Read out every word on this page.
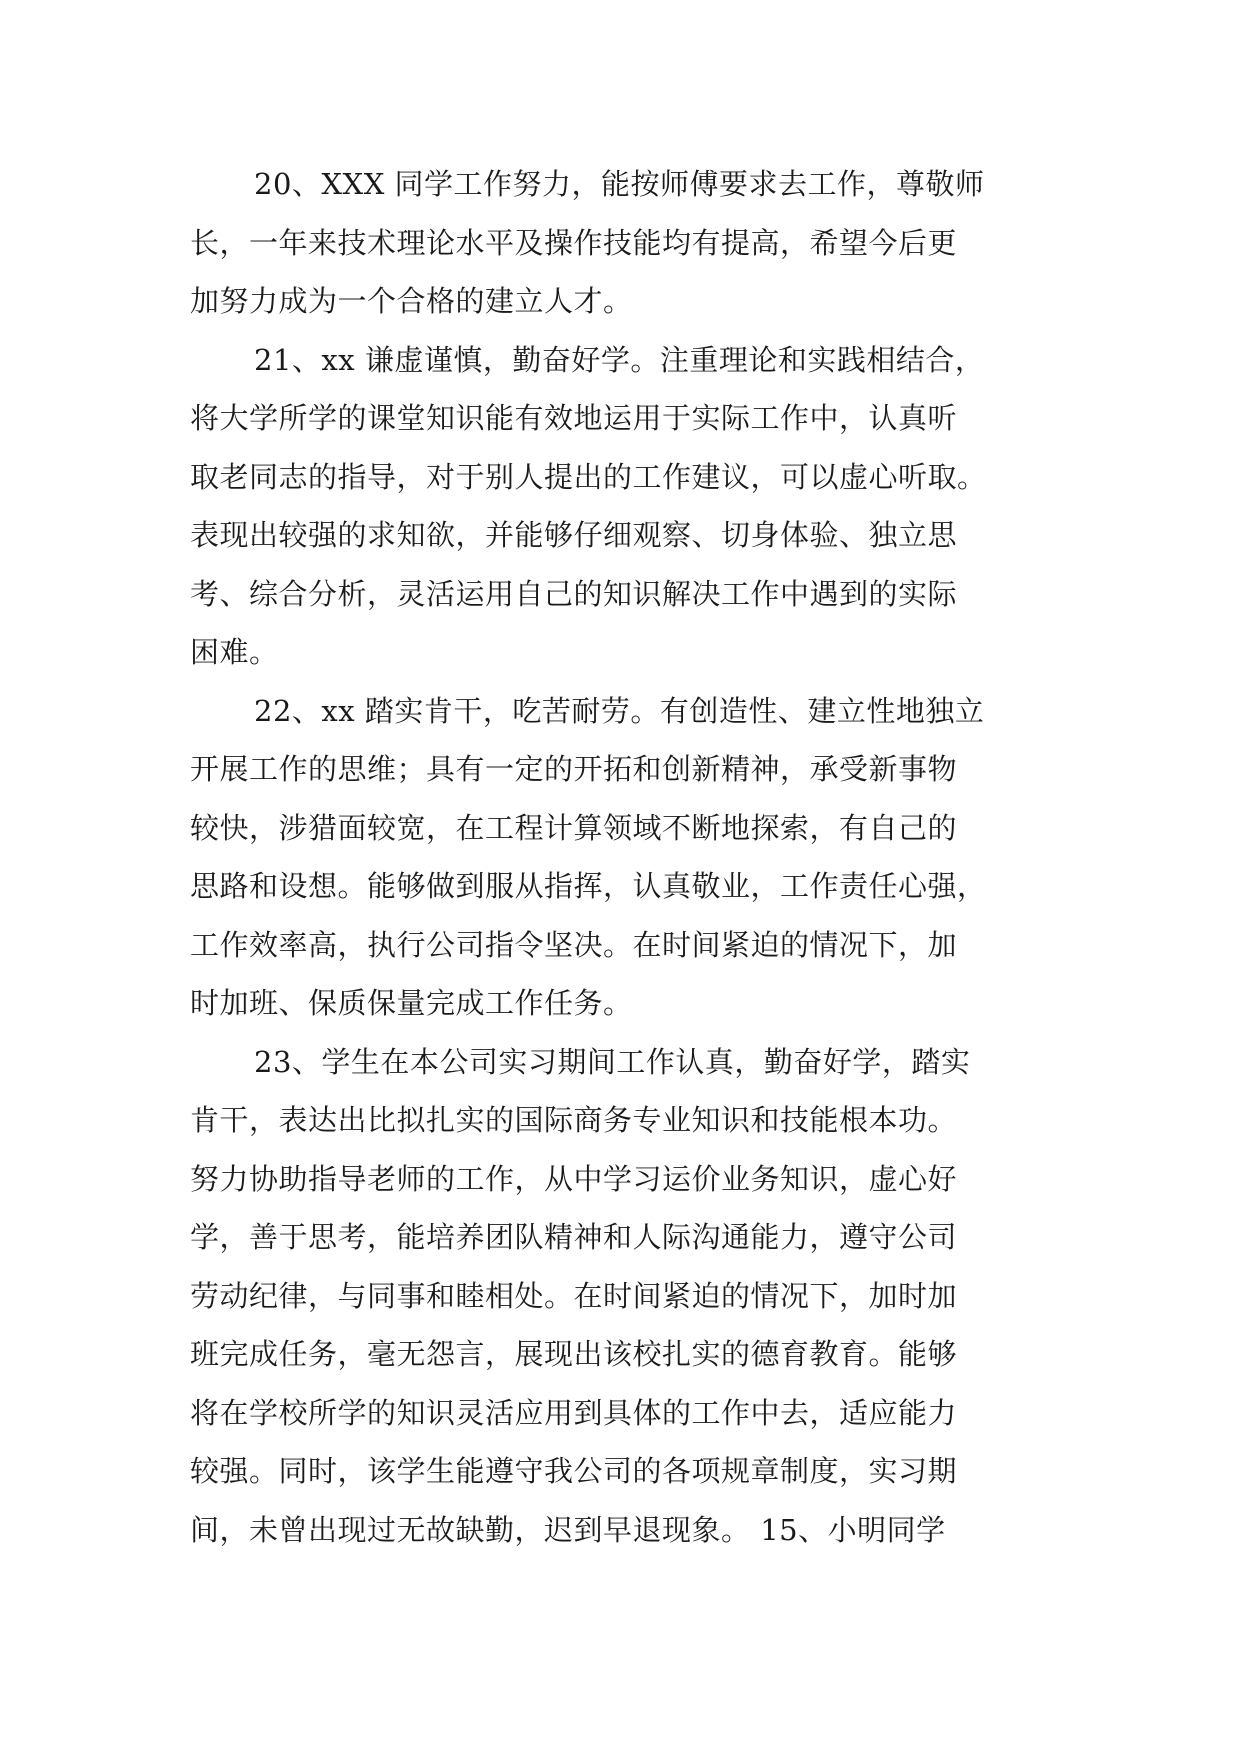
20、XXX 同学工作努力，能按师傅要求去工作，尊敬师
长，一年来技术理论水平及操作技能均有提高，希望今后更
加努力成为一个合格的建立人才。
21、xx 谦虚谨慎，勤奋好学。注重理论和实践相结合，
将大学所学的课堂知识能有效地运用于实际工作中，认真听
取老同志的指导，对于别人提出的工作建议，可以虚心听取。
表现出较强的求知欲，并能够仔细观察、切身体验、独立思
考、综合分析，灵活运用自己的知识解决工作中遇到的实际
困难。
22、xx 踏实肯干，吃苦耐劳。有创造性、建立性地独立
开展工作的思维；具有一定的开拓和创新精神，承受新事物
较快，涉猎面较宽，在工程计算领域不断地探索，有自己的
思路和设想。能够做到服从指挥，认真敬业，工作责任心强，
工作效率高，执行公司指令坚决。在时间紧迫的情况下，加
时加班、保质保量完成工作任务。
23、学生在本公司实习期间工作认真，勤奋好学，踏实
肯干，表达出比拟扎实的国际商务专业知识和技能根本功。
努力协助指导老师的工作，从中学习运价业务知识，虚心好
学，善于思考，能培养团队精神和人际沟通能力，遵守公司
劳动纪律，与同事和睦相处。在时间紧迫的情况下，加时加
班完成任务，毫无怨言，展现出该校扎实的德育教育。能够
将在学校所学的知识灵活应用到具体的工作中去，适应能力
较强。同时，该学生能遵守我公司的各项规章制度，实习期
间，未曾出现过无故缺勤，迟到早退现象。 15、小明同学
